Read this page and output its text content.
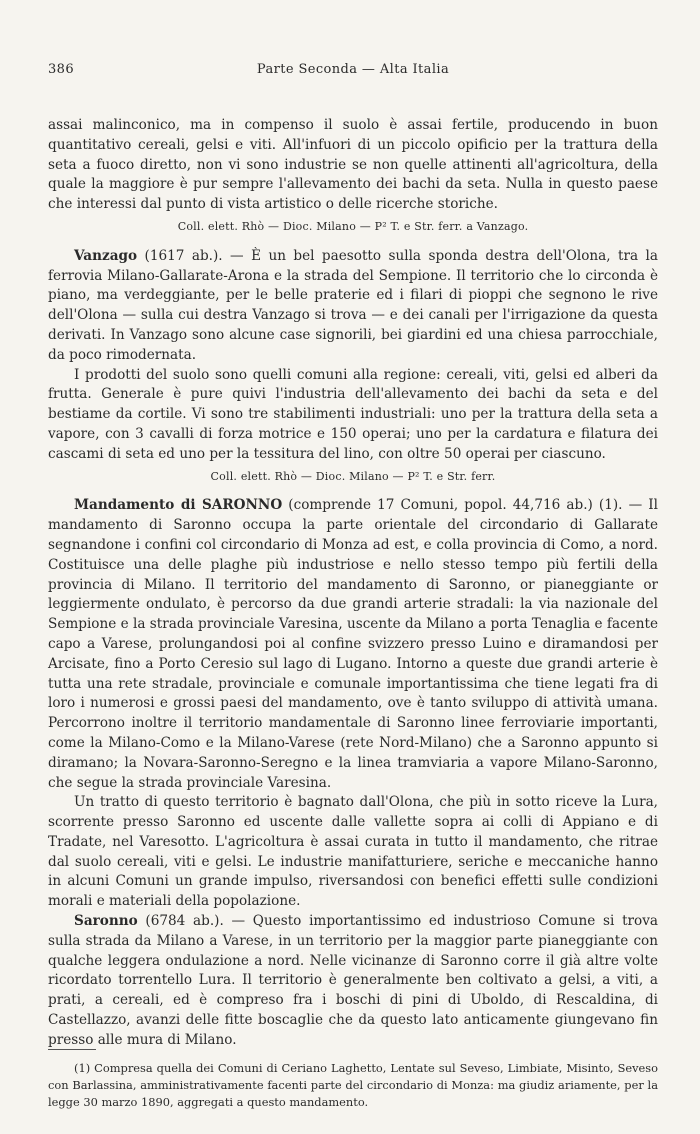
386	Parte Seconda — Alta Italia

assai malinconico, ma in compenso il suolo è assai fertile, producendo in buon quantitativo cereali, gelsi e viti. All'infuori di un piccolo opificio per la trattura della seta a fuoco diretto, non vi sono industrie se non quelle attinenti all'agricoltura, della quale la maggiore è pur sempre l'allevamento dei bachi da seta. Nulla in questo paese che interessi dal punto di vista artistico o delle ricerche storiche.

Coll. elett. Rhò — Dioc. Milano — P² T. e Str. ferr. a Vanzago.

Vanzago (1617 ab.). — È un bel paesotto sulla sponda destra dell'Olona, tra la ferrovia Milano-Gallarate-Arona e la strada del Sempione. Il territorio che lo circonda è piano, ma verdeggiante, per le belle praterie ed i filari di pioppi che segnono le rive dell'Olona — sulla cui destra Vanzago si trova — e dei canali per l'irrigazione da questa derivati. In Vanzago sono alcune case signorili, bei giardini ed una chiesa parrocchiale, da poco rimodernata.

I prodotti del suolo sono quelli comuni alla regione: cereali, viti, gelsi ed alberi da frutta. Generale è pure quivi l'industria dell'allevamento dei bachi da seta e del bestiame da cortile. Vi sono tre stabilimenti industriali: uno per la trattura della seta a vapore, con 3 cavalli di forza motrice e 150 operai; uno per la cardatura e filatura dei cascami di seta ed uno per la tessitura del lino, con oltre 50 operai per ciascuno.

Coll. elett. Rhò — Dioc. Milano — P² T. e Str. ferr.

Mandamento di SARONNO (comprende 17 Comuni, popol. 44,716 ab.) (1). — Il mandamento di Saronno occupa la parte orientale del circondario di Gallarate segnandone i confini col circondario di Monza ad est, e colla provincia di Como, a nord. Costituisce una delle plaghe più industriose e nello stesso tempo più fertili della provincia di Milano. Il territorio del mandamento di Saronno, or pianeggiante or leggiermente ondulato, è percorso da due grandi arterie stradali: la via nazionale del Sempione e la strada provinciale Varesina, uscente da Milano a porta Tenaglia e facente capo a Varese, prolungandosi poi al confine svizzero presso Luino e diramandosi per Arcisate, fino a Porto Ceresio sul lago di Lugano. Intorno a queste due grandi arterie è tutta una rete stradale, provinciale e comunale importantissima che tiene legati fra di loro i numerosi e grossi paesi del mandamento, ove è tanto sviluppo di attività umana. Percorrono inoltre il territorio mandamentale di Saronno linee ferroviarie importanti, come la Milano-Como e la Milano-Varese (rete Nord-Milano) che a Saronno appunto si diramano; la Novara-Saronno-Seregno e la linea tramviaria a vapore Milano-Saronno, che segue la strada provinciale Varesina.

Un tratto di questo territorio è bagnato dall'Olona, che più in sotto riceve la Lura, scorrente presso Saronno ed uscente dalle vallette sopra ai colli di Appiano e di Tradate, nel Varesotto. L'agricoltura è assai curata in tutto il mandamento, che ritrae dal suolo cereali, viti e gelsi. Le industrie manifatturiere, seriche e meccaniche hanno in alcuni Comuni un grande impulso, riversandosi con benefici effetti sulle condizioni morali e materiali della popolazione.

Saronno (6784 ab.). — Questo importantissimo ed industrioso Comune si trova sulla strada da Milano a Varese, in un territorio per la maggior parte pianeggiante con qualche leggera ondulazione a nord. Nelle vicinanze di Saronno corre il già altre volte ricordato torrentello Lura. Il territorio è generalmente ben coltivato a gelsi, a viti, a prati, a cereali, ed è compreso fra i boschi di pini di Uboldo, di Rescaldina, di Castellazzo, avanzi delle fitte boscaglie che da questo lato anticamente giungevano fin presso alle mura di Milano.

(1) Compresa quella dei Comuni di Ceriano Laghetto, Lentate sul Seveso, Limbiate, Misinto, Seveso con Barlassina, amministrativamente facenti parte del circondario di Monza: ma giudiz ariamente, per la legge 30 marzo 1890, aggregati a questo mandamento.
